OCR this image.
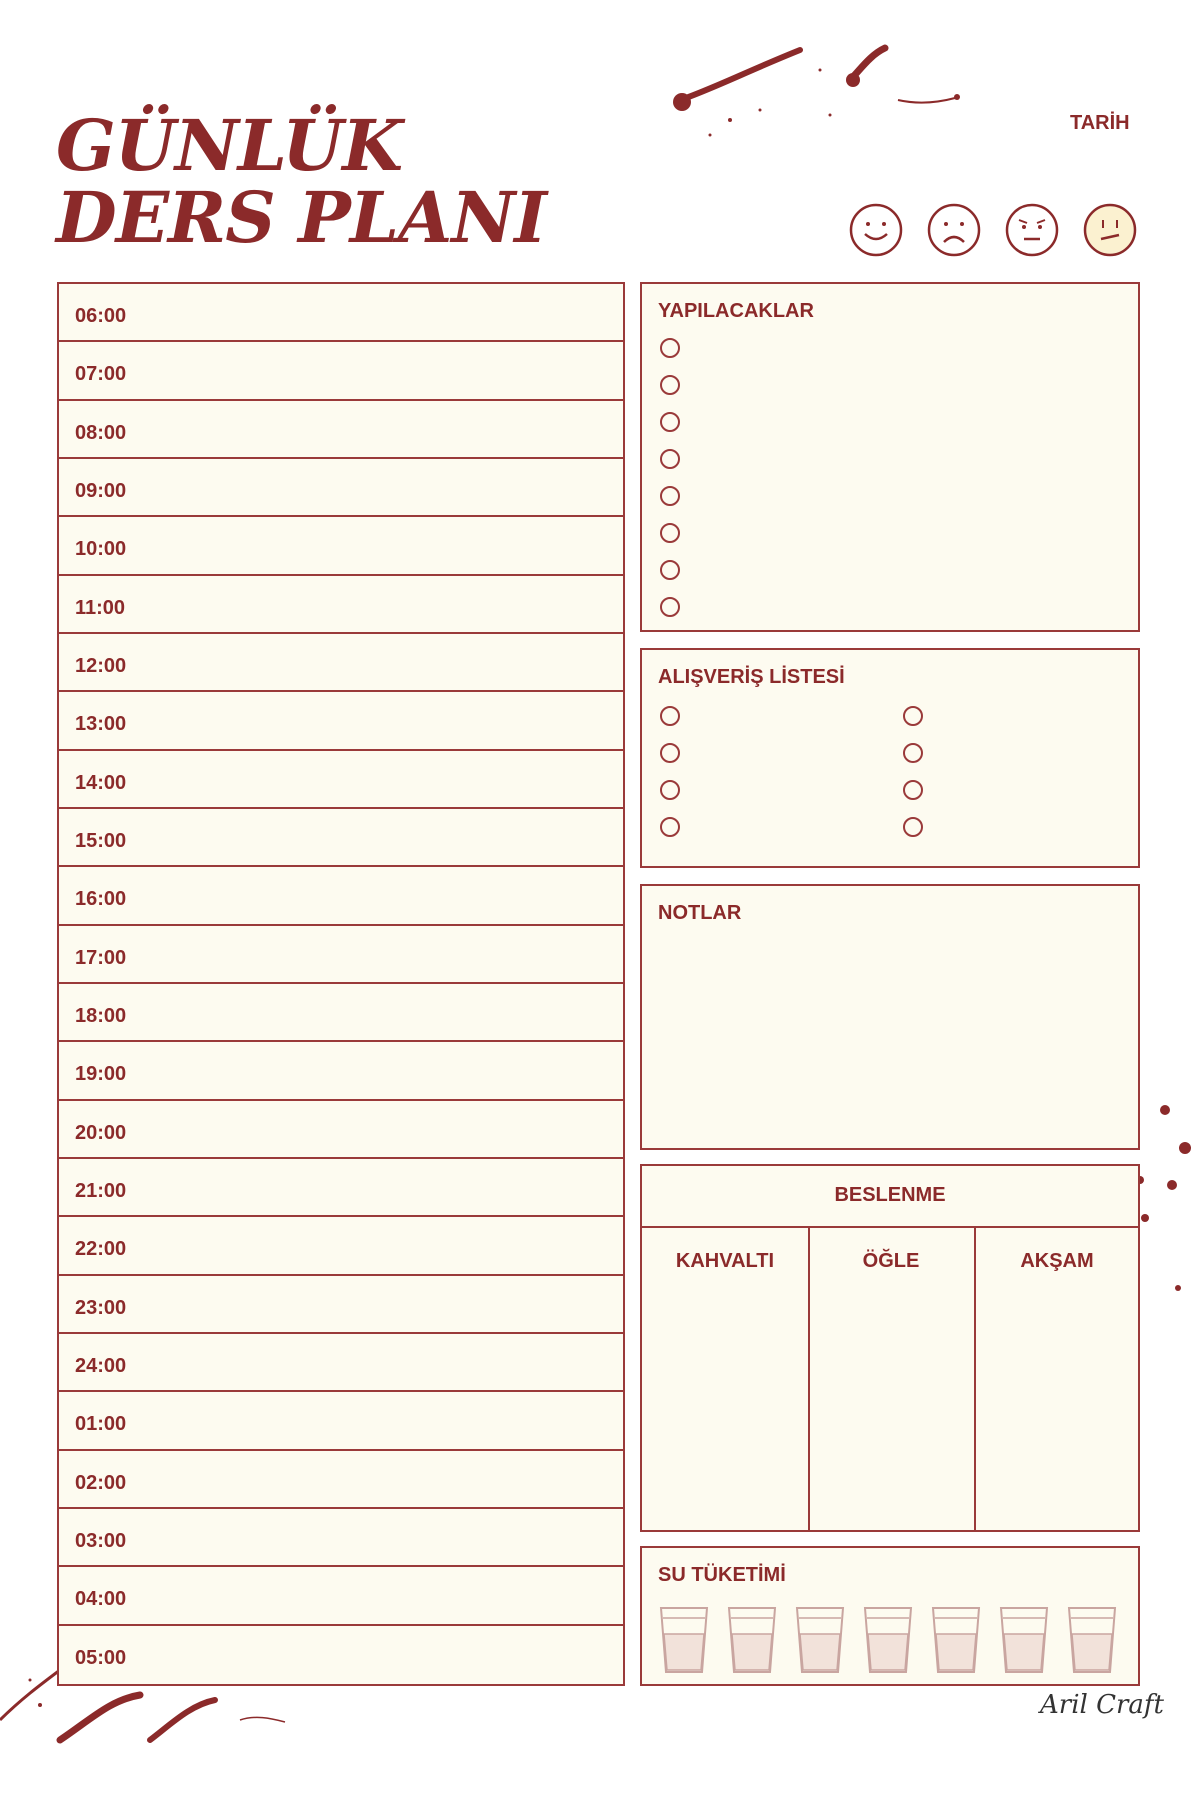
GÜNLÜK
DERS PLANI
TARİH
06:00
07:00
08:00
09:00
10:00
11:00
12:00
13:00
14:00
15:00
16:00
17:00
18:00
19:00
20:00
21:00
22:00
23:00
24:00
01:00
02:00
03:00
04:00
05:00
YAPILACAKLAR
ALIŞVERİŞ LİSTESİ
NOTLAR
BESLENME
KAHVALTI	ÖĞLE	AKŞAM
SU TÜKETİMİ
Aril Craft
